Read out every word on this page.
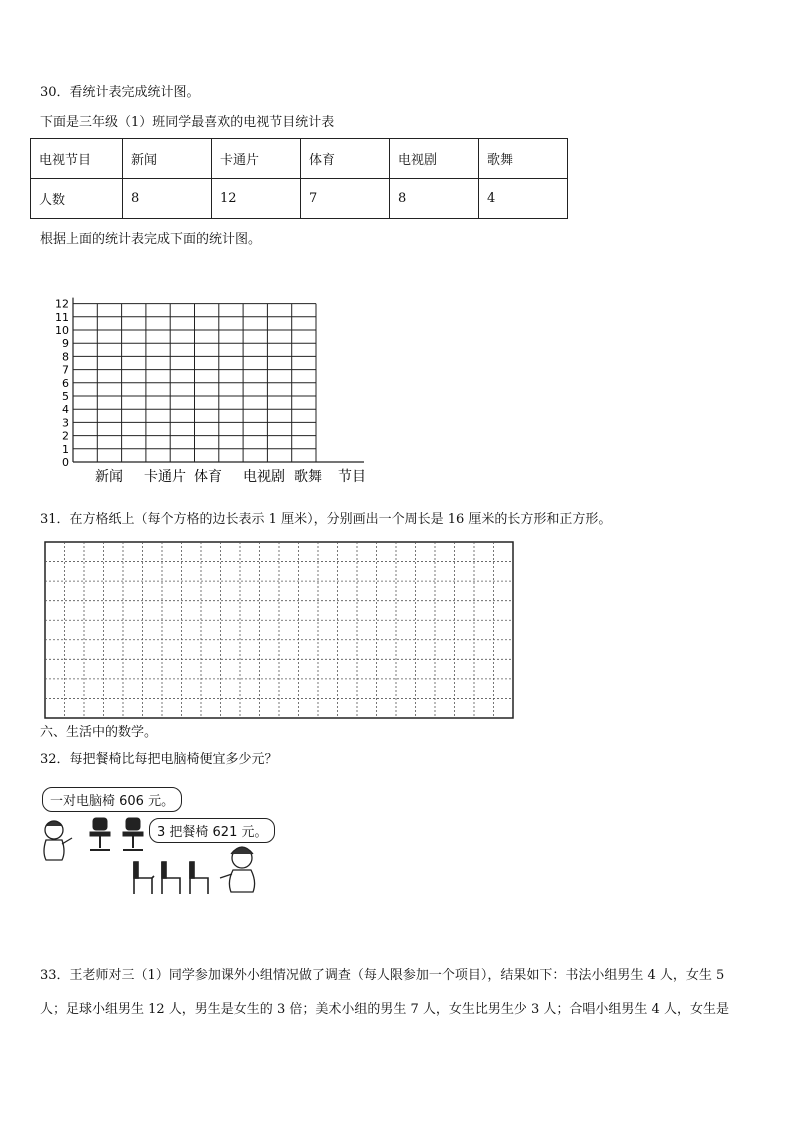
30．看统计表完成统计图。
下面是三年级（1）班同学最喜欢的电视节目统计表
电视节目	新闻	卡通片	体育	电视剧	歌舞
人数	8	12	7	8	4
根据上面的统计表完成下面的统计图。
0
1
2
3
4
5
6
7
8
9
10
11
12
新闻 卡通片 体育 电视剧 歌舞 节目
31．在方格纸上（每个方格的边长表示 1 厘米），分别画出一个周长是 16 厘米的长方形和正方形。
六、生活中的数学。
32．每把餐椅比每把电脑椅便宜多少元？
一对电脑椅 606 元。
3 把餐椅 621 元。
33．王老师对三（1）同学参加课外小组情况做了调查（每人限参加一个项目），结果如下：书法小组男生 4 人，女生 5
人；足球小组男生 12 人，男生是女生的 3 倍；美术小组的男生 7 人，女生比男生少 3 人；合唱小组男生 4 人，女生是
